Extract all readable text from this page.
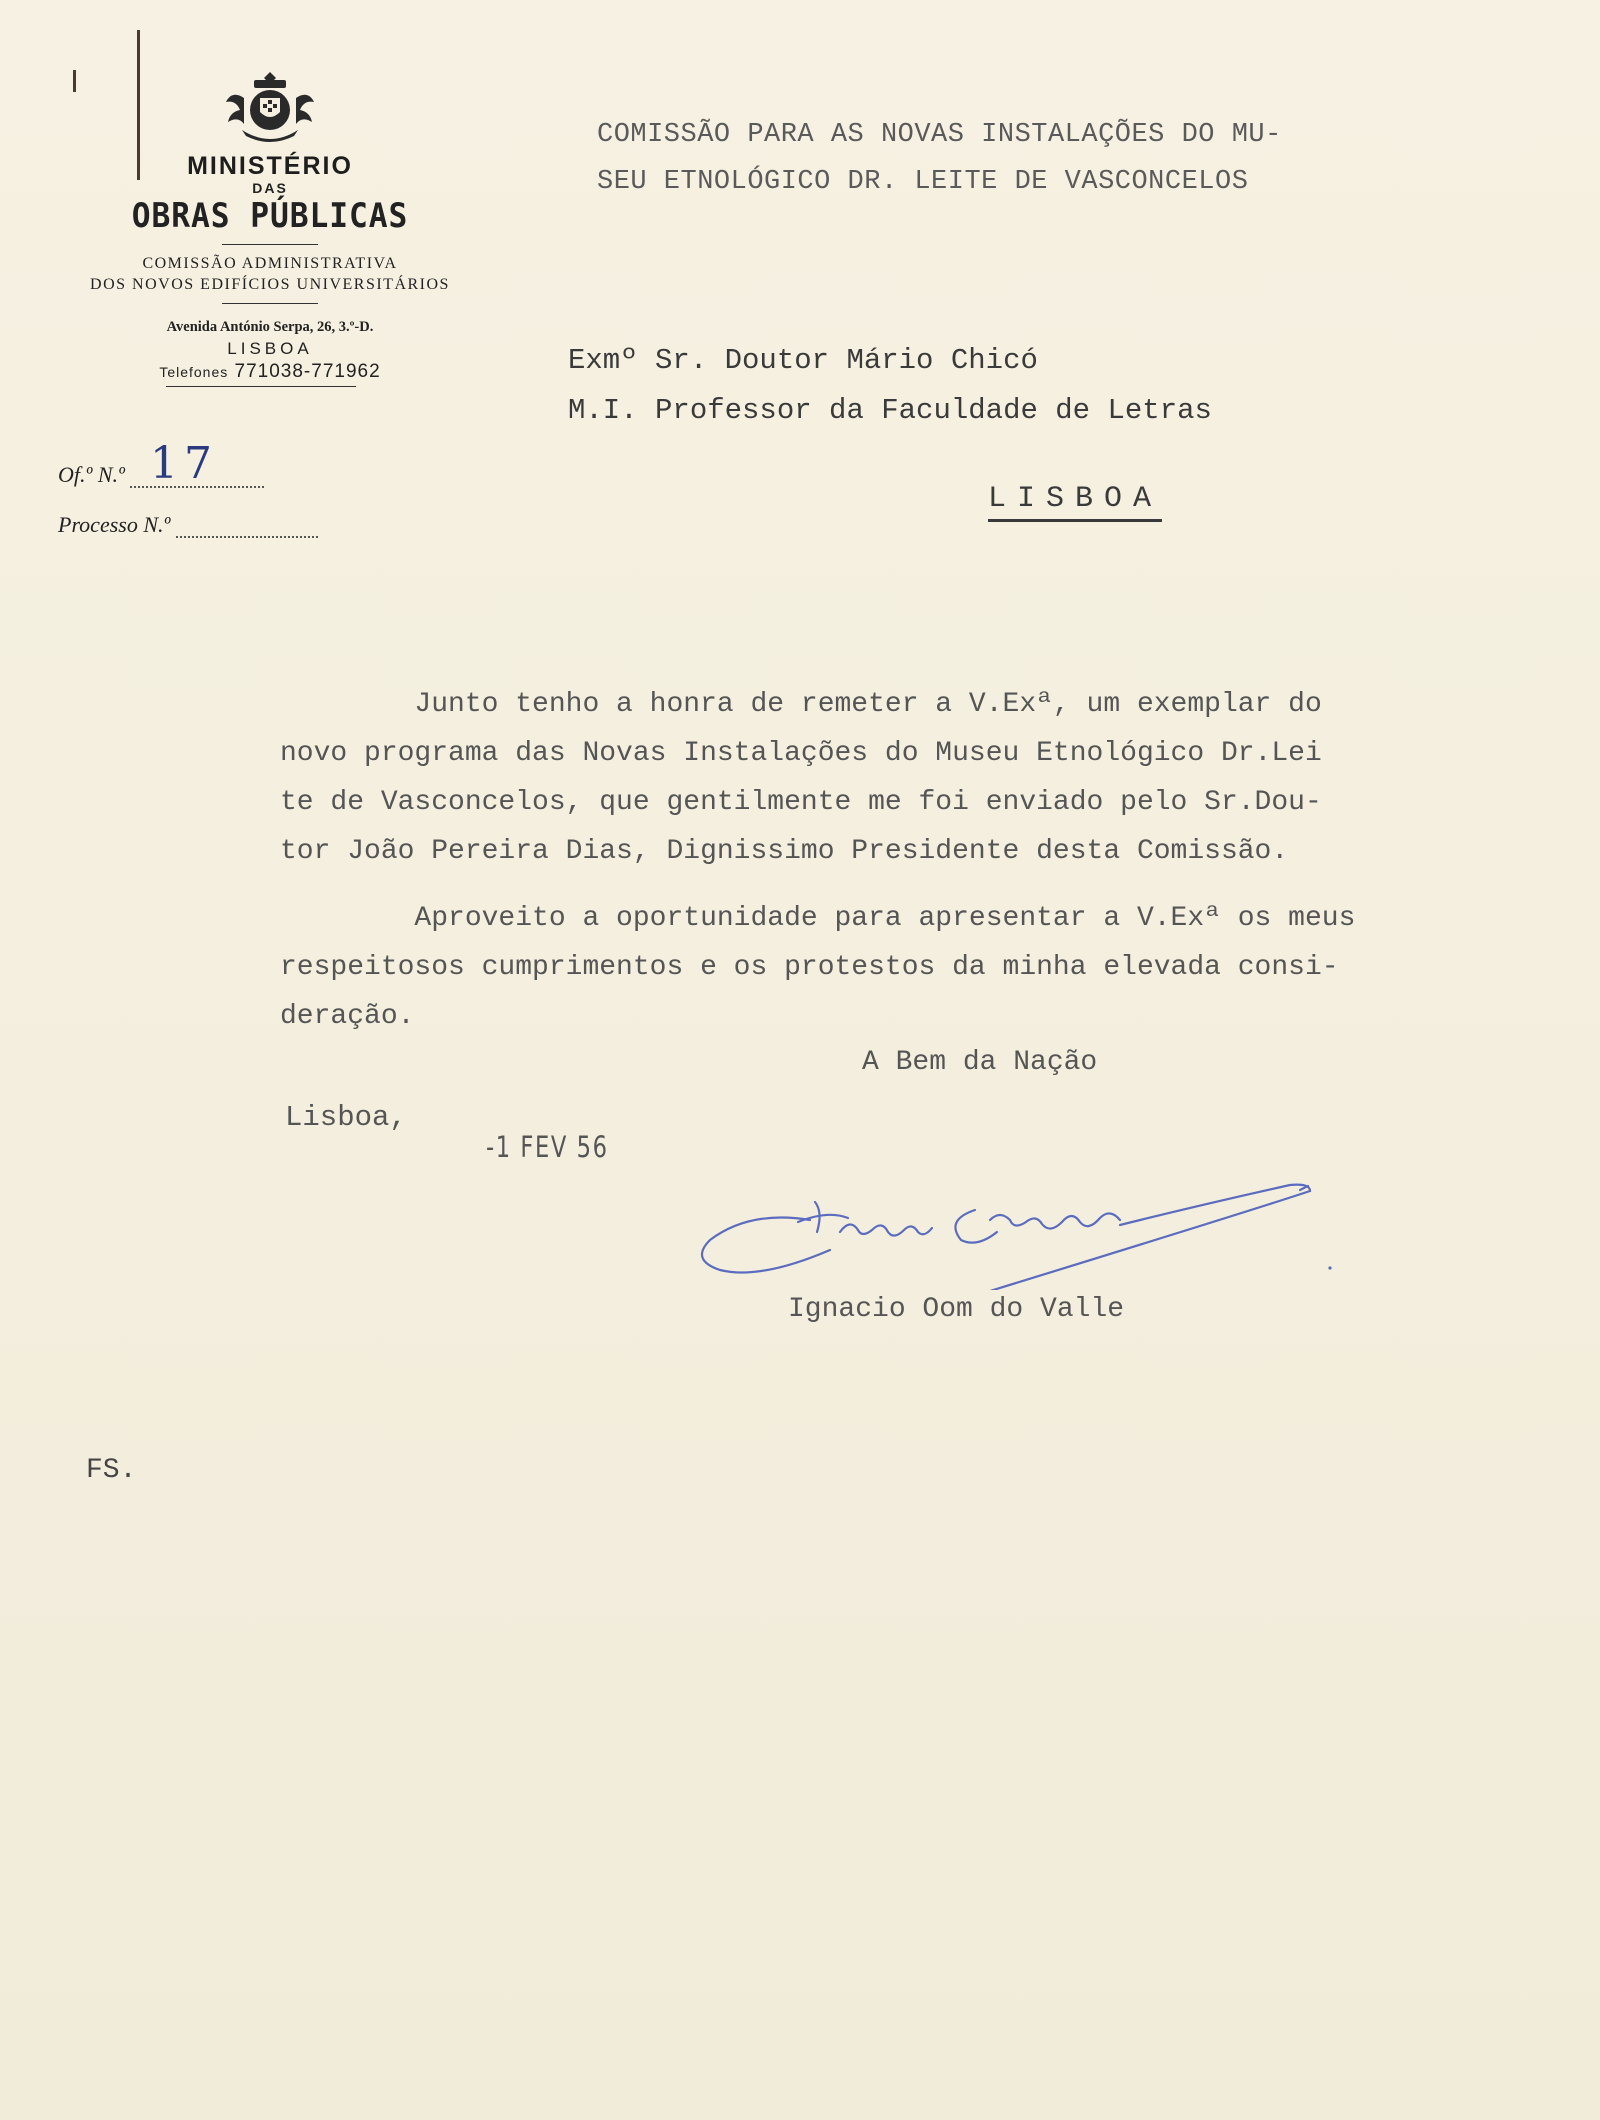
MINISTÉRIO
DAS
OBRAS PÚBLICAS
COMISSÃO ADMINISTRATIVA
DOS NOVOS EDIFÍCIOS UNIVERSITÁRIOS
Avenida António Serpa, 26, 3.º-D.
LISBOA
Telefones 771038-771962
Of.º N.º 17
Processo N.º
COMISSÃO PARA AS NOVAS INSTALAÇÕES DO MU-
SEU ETNOLÓGICO DR. LEITE DE VASCONCELOS
Exmº Sr. Doutor Mário Chicó
M.I. Professor da Faculdade de Letras
LISBOA
Junto tenho a honra de remeter a V.Exª, um exemplar do
novo programa das Novas Instalações do Museu Etnológico Dr.Lei
te de Vasconcelos, que gentilmente me foi enviado pelo Sr.Dou-
tor João Pereira Dias, Dignissimo Presidente desta Comissão.
Aproveito a oportunidade para apresentar a V.Exª os meus
respeitosos cumprimentos e os protestos da minha elevada consi-
deração.
A Bem da Nação
Lisboa,
-1 FEV 56
Ignacio Oom do Valle
FS.
